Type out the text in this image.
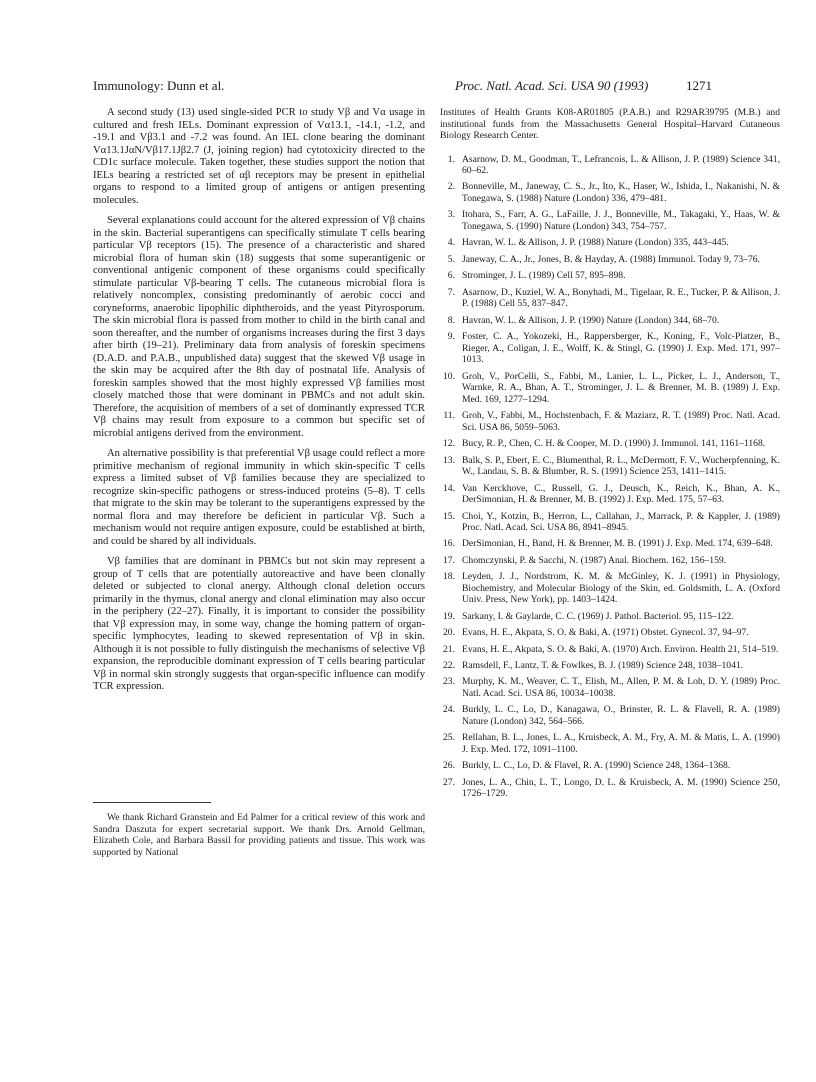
Immunology: Dunn et al.	Proc. Natl. Acad. Sci. USA 90 (1993)	1271

A second study (13) used single-sided PCR to study Vβ and Vα usage in cultured and fresh IELs. Dominant expression of Vα13.1, -14.1, -1.2, and -19.1 and Vβ3.1 and -7.2 was found. An IEL clone bearing the dominant Vα13.1JαN/Vβ17.1Jβ2.7 (J, joining region) had cytotoxicity directed to the CD1c surface molecule. Taken together, these studies support the notion that IELs bearing a restricted set of αβ receptors may be present in epithelial organs to respond to a limited group of antigens or antigen presenting molecules.

Several explanations could account for the altered expression of Vβ chains in the skin. Bacterial superantigens can specifically stimulate T cells bearing particular Vβ receptors (15). The presence of a characteristic and shared microbial flora of human skin (18) suggests that some superantigenic or conventional antigenic component of these organisms could specifically stimulate particular Vβ-bearing T cells. The cutaneous microbial flora is relatively noncomplex, consisting predominantly of aerobic cocci and coryneforms, anaerobic lipophilic diphtheroids, and the yeast Pityrosporum. The skin microbial flora is passed from mother to child in the birth canal and soon thereafter, and the number of organisms increases during the first 3 days after birth (19–21). Preliminary data from analysis of foreskin specimens (D.A.D. and P.A.B., unpublished data) suggest that the skewed Vβ usage in the skin may be acquired after the 8th day of postnatal life. Analysis of foreskin samples showed that the most highly expressed Vβ families most closely matched those that were dominant in PBMCs and not adult skin. Therefore, the acquisition of members of a set of dominantly expressed TCR Vβ chains may result from exposure to a common but specific set of microbial antigens derived from the environment.

An alternative possibility is that preferential Vβ usage could reflect a more primitive mechanism of regional immunity in which skin-specific T cells express a limited subset of Vβ families because they are specialized to recognize skin-specific pathogens or stress-induced proteins (5–8). T cells that migrate to the skin may be tolerant to the superantigens expressed by the normal flora and may therefore be deficient in particular Vβ. Such a mechanism would not require antigen exposure, could be established at birth, and could be shared by all individuals.

Vβ families that are dominant in PBMCs but not skin may represent a group of T cells that are potentially autoreactive and have been clonally deleted or subjected to clonal anergy. Although clonal deletion occurs primarily in the thymus, clonal anergy and clonal elimination may also occur in the periphery (22–27). Finally, it is important to consider the possibility that Vβ expression may, in some way, change the homing pattern of organ-specific lymphocytes, leading to skewed representation of Vβ in skin. Although it is not possible to fully distinguish the mechanisms of selective Vβ expansion, the reproducible dominant expression of T cells bearing particular Vβ in normal skin strongly suggests that organ-specific influence can modify TCR expression.

We thank Richard Granstein and Ed Palmer for a critical review of this work and Sandra Daszuta for expert secretarial support. We thank Drs. Arnold Gellman, Elizabeth Cole, and Barbara Bassil for providing patients and tissue. This work was supported by National

Institutes of Health Grants K08-AR01805 (P.A.B.) and R29AR39795 (M.B.) and institutional funds from the Massachusetts General Hospital–Harvard Cutaneous Biology Research Center.

1. Asarnow, D. M., Goodman, T., Lefrancois, L. & Allison, J. P. (1989) Science 341, 60–62.
2. Bonneville, M., Janeway, C. S., Jr., Ito, K., Haser, W., Ishida, I., Nakanishi, N. & Tonegawa, S. (1988) Nature (London) 336, 479–481.
3. Itohara, S., Farr, A. G., LaFaille, J. J., Bonneville, M., Takagaki, Y., Haas, W. & Tonegawa, S. (1990) Nature (London) 343, 754–757.
4. Havran, W. L. & Allison, J. P. (1988) Nature (London) 335, 443–445.
5. Janeway, C. A., Jr., Jones, B. & Hayday, A. (1988) Immunol. Today 9, 73–76.
6. Strominger, J. L. (1989) Cell 57, 895–898.
7. Asarnow, D., Kuziel, W. A., Bonyhadi, M., Tigelaar, R. E., Tucker, P. & Allison, J. P. (1988) Cell 55, 837–847.
8. Havran, W. L. & Allison, J. P. (1990) Nature (London) 344, 68–70.
9. Foster, C. A., Yokozeki, H., Rappersberger, K., Koning, F., Volc-Platzer, B., Rieger, A., Coligan, J. E., Wolff, K. & Stingl, G. (1990) J. Exp. Med. 171, 997–1013.
10. Groh, V., PorCelli, S., Fabbi, M., Lanier, L. L., Picker, L. J., Anderson, T., Warnke, R. A., Bhan, A. T., Strominger, J. L. & Brenner, M. B. (1989) J. Exp. Med. 169, 1277–1294.
11. Groh, V., Fabbi, M., Hochstenbach, F. & Maziarz, R. T. (1989) Proc. Natl. Acad. Sci. USA 86, 5059–5063.
12. Bucy, R. P., Chen, C. H. & Cooper, M. D. (1990) J. Immunol. 141, 1161–1168.
13. Balk, S. P., Ebert, E. C., Blumenthal, R. L., McDermott, F. V., Wucherpfenning, K. W., Landau, S. B. & Blumber, R. S. (1991) Science 253, 1411–1415.
14. Van Kerckhove, C., Russell, G. J., Deusch, K., Reich, K., Bhan, A. K., DerSimonian, H. & Brenner, M. B. (1992) J. Exp. Med. 175, 57–63.
15. Choi, Y., Kotzin, B., Herron, L., Callahan, J., Marrack, P. & Kappler, J. (1989) Proc. Natl. Acad. Sci. USA 86, 8941–8945.
16. DerSimonian, H., Band, H. & Brenner, M. B. (1991) J. Exp. Med. 174, 639–648.
17. Chomczynski, P. & Sacchi, N. (1987) Anal. Biochem. 162, 156–159.
18. Leyden, J. J., Nordstrom, K. M. & McGinley, K. J. (1991) in Physiology, Biochemistry, and Molecular Biology of the Skin, ed. Goldsmith, L. A. (Oxford Univ. Press, New York), pp. 1403–1424.
19. Sarkany, I. & Gaylarde, C. C. (1969) J. Pathol. Bacteriol. 95, 115–122.
20. Evans, H. E., Akpata, S. O. & Baki, A. (1971) Obstet. Gynecol. 37, 94–97.
21. Evans, H. E., Akpata, S. O. & Baki, A. (1970) Arch. Environ. Health 21, 514–519.
22. Ramsdell, F., Lantz, T. & Fowlkes, B. J. (1989) Science 248, 1038–1041.
23. Murphy, K. M., Weaver, C. T., Elish, M., Allen, P. M. & Loh, D. Y. (1989) Proc. Natl. Acad. Sci. USA 86, 10034–10038.
24. Burkly, L. C., Lo, D., Kanagawa, O., Brinster, R. L. & Flavell, R. A. (1989) Nature (London) 342, 564–566.
25. Rellahan, B. L., Jones, L. A., Kruisbeck, A. M., Fry, A. M. & Matis, L. A. (1990) J. Exp. Med. 172, 1091–1100.
26. Burkly, L. C., Lo, D. & Flavel, R. A. (1990) Science 248, 1364–1368.
27. Jones, L. A., Chin, L. T., Longo, D. L. & Kruisbeck, A. M. (1990) Science 250, 1726–1729.
